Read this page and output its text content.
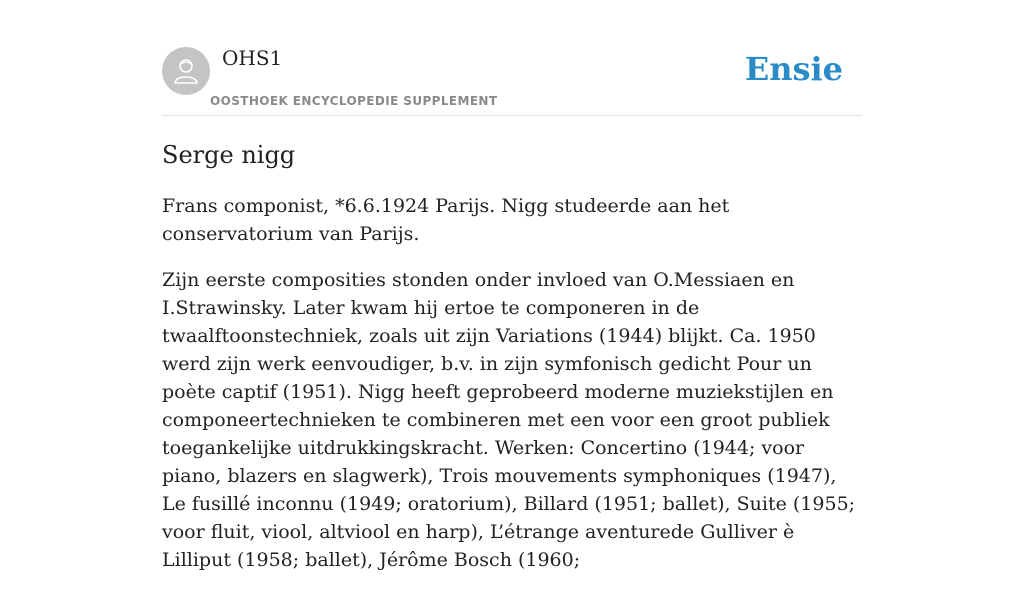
OHS1
OOSTHOEK ENCYCLOPEDIE SUPPLEMENT
Ensie
Serge nigg

Frans componist, *6.6.1924 Parijs. Nigg studeerde aan het conservatorium van Parijs.

Zijn eerste composities stonden onder invloed van O.Messiaen en I.Strawinsky. Later kwam hij ertoe te componeren in de twaalftoonstechniek, zoals uit zijn Variations (1944) blijkt. Ca. 1950 werd zijn werk eenvoudiger, b.v. in zijn symfonisch gedicht Pour un poète captif (1951). Nigg heeft geprobeerd moderne muziekstijlen en componeertechnieken te combineren met een voor een groot publiek toegankelijke uitdrukkingskracht. Werken: Concertino (1944; voor piano, blazers en slagwerk), Trois mouvements symphoniques (1947), Le fusillé inconnu (1949; oratorium), Billard (1951; ballet), Suite (1955; voor fluit, viool, altviool en harp), L’étrange aventurede Gulliver è Lilliput (1958; ballet), Jérôme Bosch (1960;
